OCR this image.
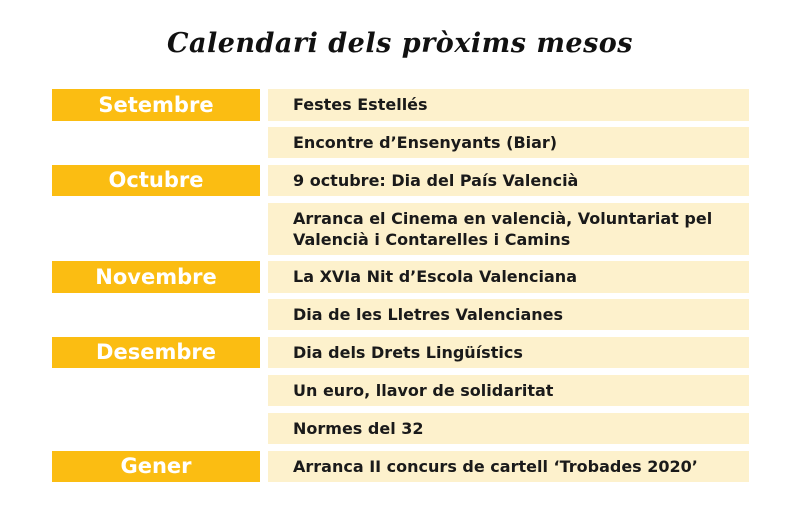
Calendari dels pròxims mesos
Setembre
Octubre
Novembre
Desembre
Gener
Festes Estellés
Encontre d’Ensenyants (Biar)
9 octubre: Dia del País Valencià
Arranca el Cinema en valencià, Voluntariat pel Valencià i Contarelles i Camins
La XVIa Nit d’Escola Valenciana
Dia de les Lletres Valencianes
Dia dels Drets Lingüístics
Un euro, llavor de solidaritat
Normes del 32
Arranca II concurs de cartell ‘Trobades 2020’
